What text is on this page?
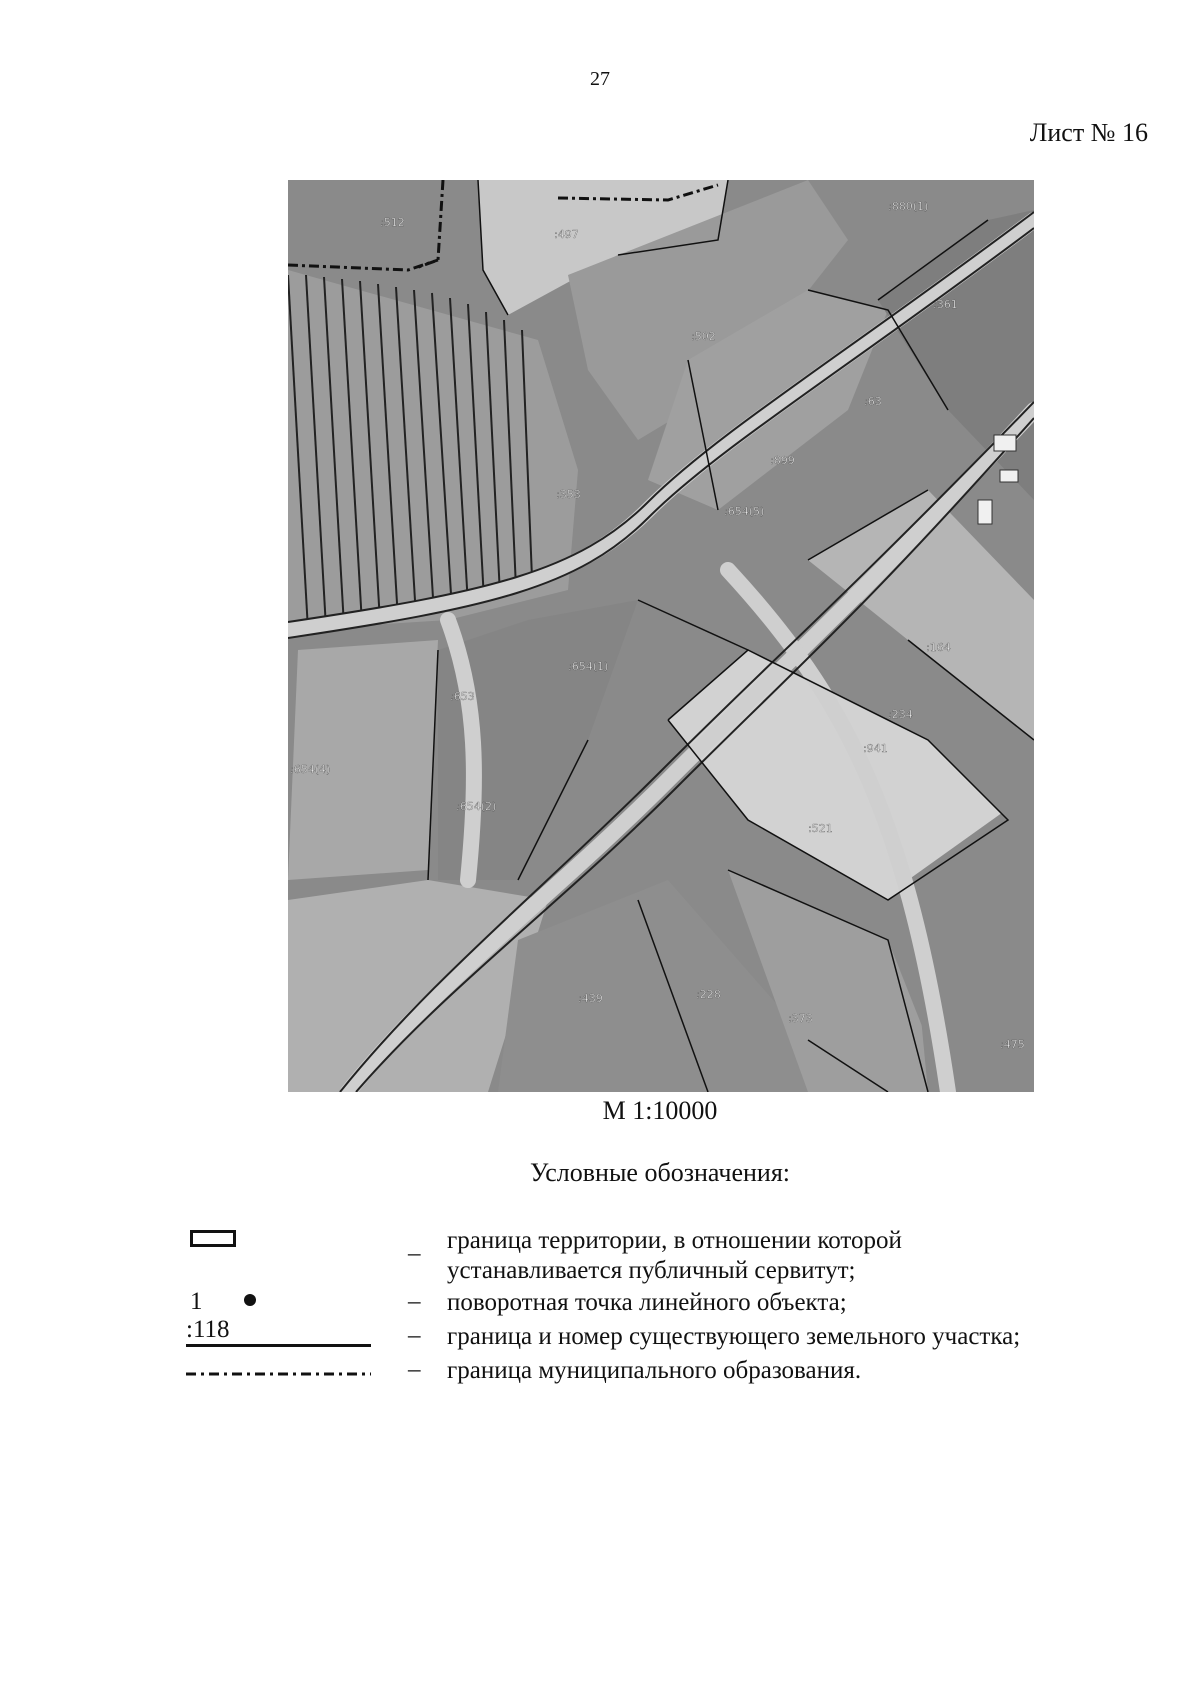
27
Лист № 16
:512
:497
:880(1)
:361
:502
:63
:899
:353
:654(5)
:164
:654(1)
:653
:234
:941
:654(4)
:654(2)
:521
:439	:228
:373
:475
М 1:10000
Условные обозначения:
– граница территории, в отношении которой устанавливается публичный сервитут;
1	– поворотная точка линейного объекта;
:118	– граница и номер существующего земельного участка;
– граница муниципального образования.
